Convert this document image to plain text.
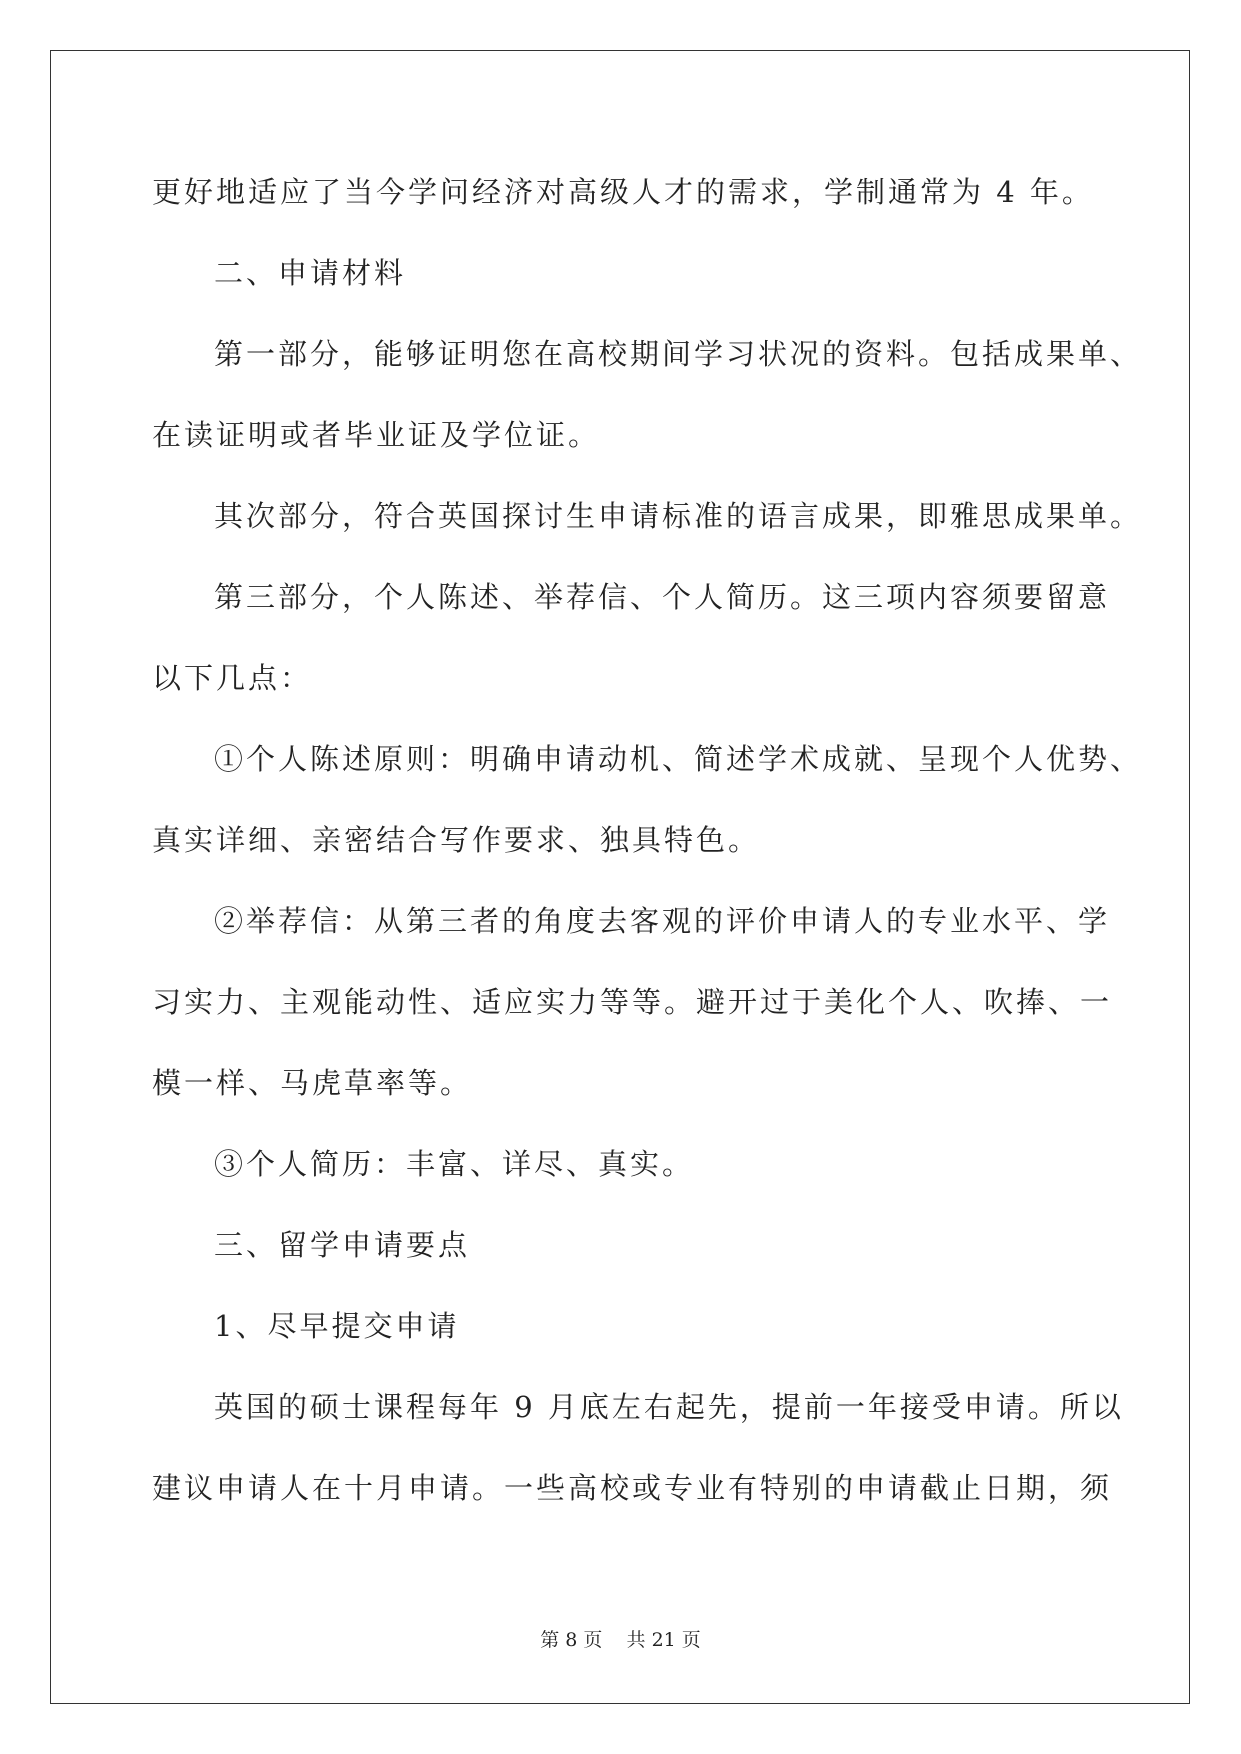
更好地适应了当今学问经济对高级人才的需求，学制通常为 4 年。
二、申请材料
第一部分，能够证明您在高校期间学习状况的资料。包括成果单、
在读证明或者毕业证及学位证。
其次部分，符合英国探讨生申请标准的语言成果，即雅思成果单。
第三部分，个人陈述、举荐信、个人简历。这三项内容须要留意
以下几点：
①个人陈述原则：明确申请动机、简述学术成就、呈现个人优势、
真实详细、亲密结合写作要求、独具特色。
②举荐信：从第三者的角度去客观的评价申请人的专业水平、学
习实力、主观能动性、适应实力等等。避开过于美化个人、吹捧、一
模一样、马虎草率等。
③个人简历：丰富、详尽、真实。
三、留学申请要点
1、尽早提交申请
英国的硕士课程每年 9 月底左右起先，提前一年接受申请。所以
建议申请人在十月申请。一些高校或专业有特别的申请截止日期，须
第 8 页    共 21 页
